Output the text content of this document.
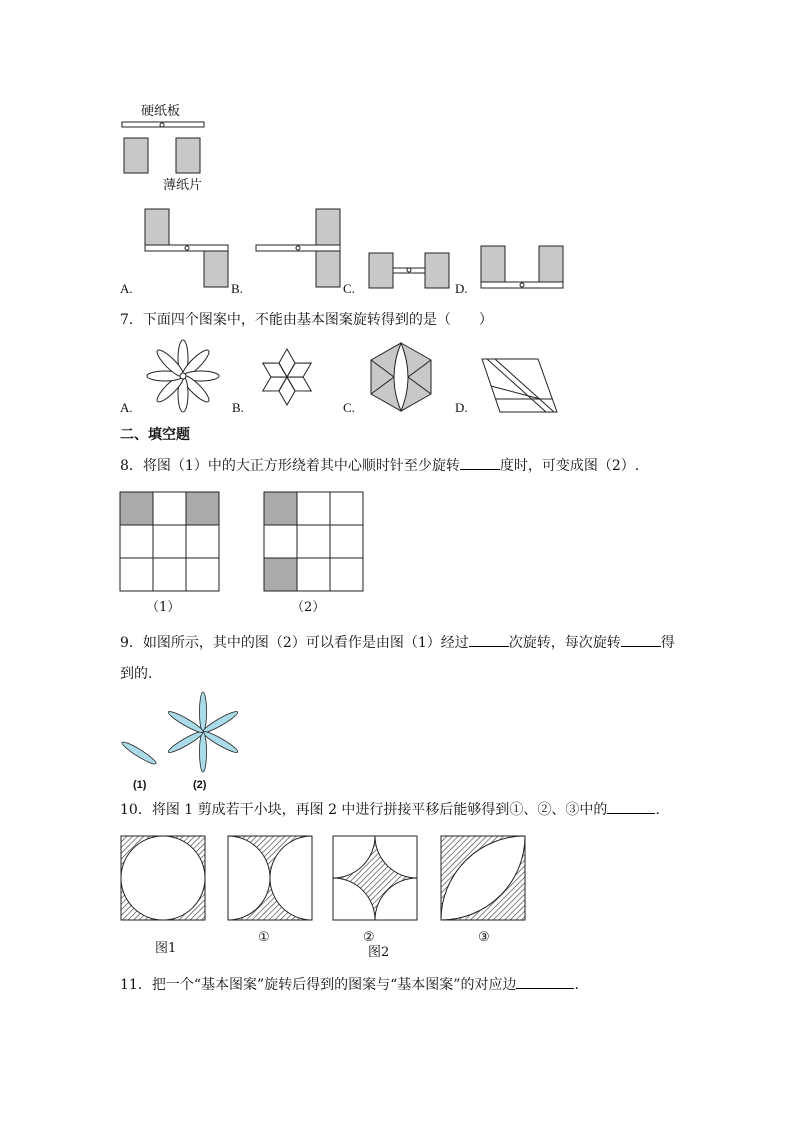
硬纸板
薄纸片
A.	B.	C.	D.
7．下面四个图案中，不能由基本图案旋转得到的是（　　）
A.	B.	C.	D.
二、填空题
8．将图（1）中的大正方形绕着其中心顺时针至少旋转	度时，可变成图（2）.
（1）	（2）
9．如图所示，其中的图（2）可以看作是由图（1）经过	次旋转，每次旋转	得
到的.
(1)	(2)
10．将图 1 剪成若干小块，再图 2 中进行拼接平移后能够得到①、②、③中的	.
图1
①	②	③
图2
11．把一个“基本图案”旋转后得到的图案与“基本图案”的对应边	.
